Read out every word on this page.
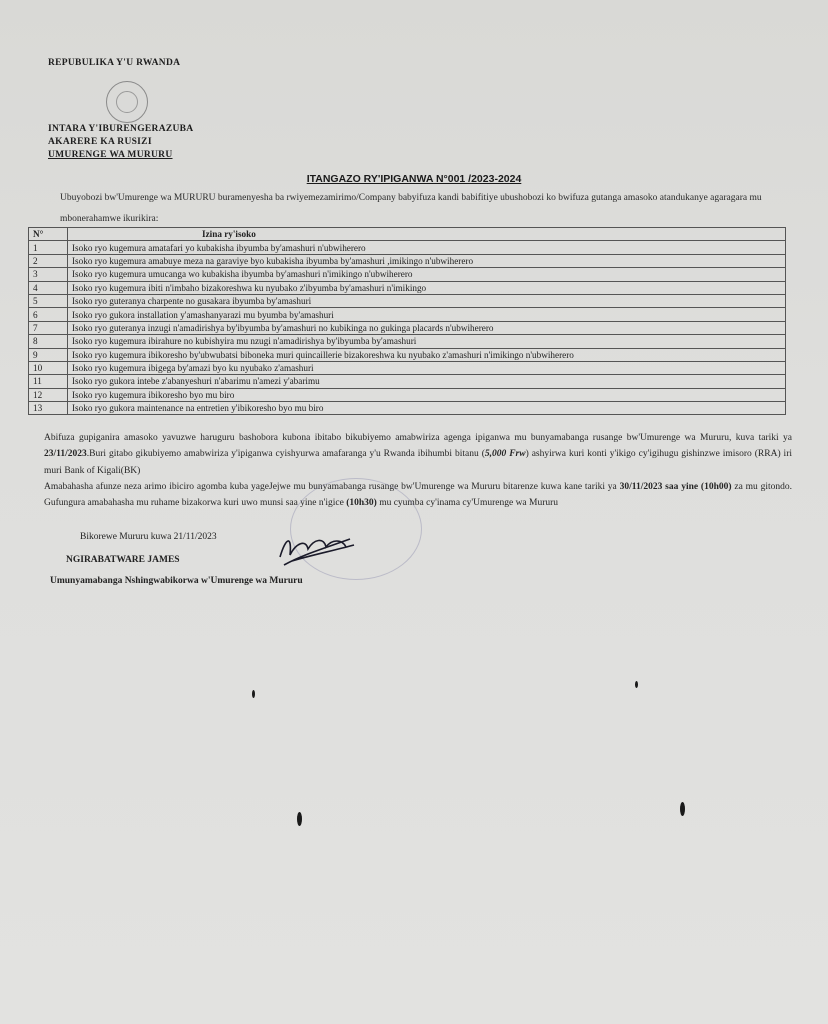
REPUBULIKA Y'U RWANDA
INTARA Y'IBURENGERAZUBA
AKARERE KA RUSIZI
UMURENGE WA MURURU
ITANGAZO RY'IPIGANWA N°001 /2023-2024
Ubuyobozi bw'Umurenge wa MURURU buramenyesha ba rwiyemezamirimo/Company babyifuza kandi babifitiye ubushobozi ko bwifuza gutanga amasoko atandukanye agaragara mu mbonerahamwe ikurikira:
N°	Izina ry'isoko
1	Isoko ryo kugemura amatafari yo kubakisha ibyumba by'amashuri n'ubwiherero
2	Isoko ryo kugemura amabuye meza na garaviye byo kubakisha ibyumba by'amashuri ,imikingo n'ubwiherero
3	Isoko ryo kugemura umucanga wo kubakisha ibyumba by'amashuri n'imikingo n'ubwiherero
4	Isoko ryo kugemura ibiti n'imbaho bizakoreshwa ku nyubako z'ibyumba by'amashuri n'imikingo
5	Isoko ryo guteranya charpente no gusakara ibyumba by'amashuri
6	Isoko ryo gukora installation y'amashanyarazi mu byumba by'amashuri
7	Isoko ryo guteranya inzugi n'amadirishya by'ibyumba by'amashuri no kubikinga no gukinga placards n'ubwiherero
8	Isoko ryo kugemura ibirahure no kubishyira mu nzugi n'amadirishya by'ibyumba by'amashuri
9	Isoko ryo kugemura ibikoresho by'ubwubatsi biboneka muri quincaillerie bizakoreshwa ku nyubako z'amashuri n'imikingo n'ubwiherero
10	Isoko ryo kugemura ibigega by'amazi byo ku nyubako z'amashuri
11	Isoko ryo gukora intebe z'abanyeshuri n'abarimu n'amezi y'abarimu
12	Isoko ryo kugemura ibikoresho byo mu biro
13	Isoko ryo gukora maintenance na entretien y'ibikoresho byo mu biro
Abifuza gupiganira amasoko yavuzwe haruguru bashobora kubona ibitabo bikubiyemo amabwiriza agenga ipiganwa mu bunyamabanga rusange bw'Umurenge wa Mururu, kuva tariki ya 23/11/2023.Buri gitabo gikubiyemo amabwiriza y'ipiganwa cyishyurwa amafaranga y'u Rwanda ibihumbi bitanu (5,000 Frw) ashyirwa kuri konti y'ikigo cy'igihugu gishinzwe imisoro (RRA) iri muri Bank of Kigali(BK)
Amabahasha afunze neza arimo ibiciro agomba kuba yageJejwe mu bunyamabanga rusange bw'Umurenge wa Mururu bitarenze kuwa kane tariki ya 30/11/2023 saa yine (10h00) za mu gitondo. Gufungura amabahasha mu ruhame bizakorwa kuri uwo munsi saa yine n'igice (10h30) mu cyumba cy'inama cy'Umurenge wa Mururu
Bikorewe Mururu kuwa 21/11/2023
NGIRABATWARE JAMES
Umunyamabanga Nshingwabikorwa w'Umurenge wa Mururu
